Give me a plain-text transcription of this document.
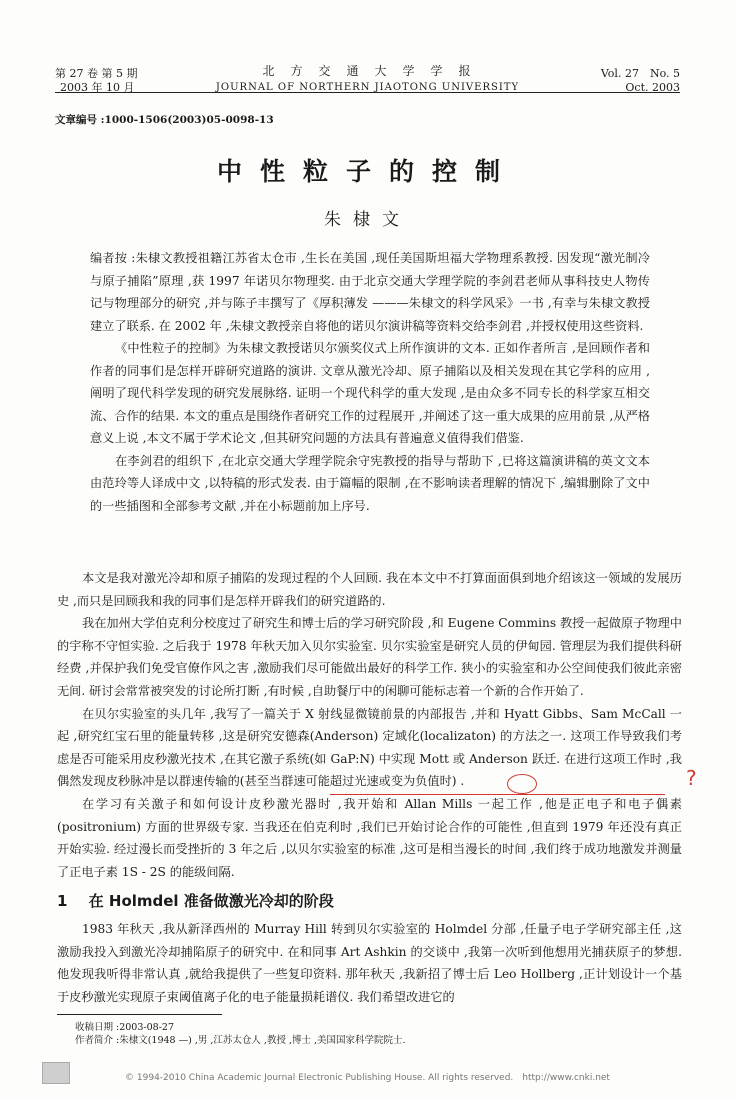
第 27 卷 第 5 期
2003 年 10 月
北　方　交　通　大　学　学　报
JOURNAL OF NORTHERN JIAOTONG UNIVERSITY
Vol. 27　No. 5
Oct. 2003
文章编号 :1000-1506(2003)05-0098-13
中性粒子的控制
朱棣文

编者按 :朱棣文教授祖籍江苏省太仓市 ,生长在美国 ,现任美国斯坦福大学物理系教授. 因发现“激光制冷与原子捕陷”原理 ,获 1997 年诺贝尔物理奖. 由于北京交通大学理学院的李剑君老师从事科技史人物传记与物理部分的研究 ,并与陈子丰撰写了《厚积薄发 ———朱棣文的科学风采》一书 ,有幸与朱棣文教授建立了联系. 在 2002 年 ,朱棣文教授亲自将他的诺贝尔演讲稿等资料交给李剑君 ,并授权使用这些资料.

《中性粒子的控制》为朱棣文教授诺贝尔颁奖仪式上所作演讲的文本. 正如作者所言 ,是回顾作者和作者的同事们是怎样开辟研究道路的演讲. 文章从激光冷却、原子捕陷以及相关发现在其它学科的应用 ,阐明了现代科学发现的研究发展脉络. 证明一个现代科学的重大发现 ,是由众多不同专长的科学家互相交流、合作的结果. 本文的重点是围绕作者研究工作的过程展开 ,并阐述了这一重大成果的应用前景 ,从严格意义上说 ,本文不属于学术论文 ,但其研究问题的方法具有普遍意义值得我们借鉴.

在李剑君的组织下 ,在北京交通大学理学院余守宪教授的指导与帮助下 ,已将这篇演讲稿的英文文本由范玲等人译成中文 ,以特稿的形式发表. 由于篇幅的限制 ,在不影响读者理解的情况下 ,编辑删除了文中的一些插图和全部参考文献 ,并在小标题前加上序号.

本文是我对激光冷却和原子捕陷的发现过程的个人回顾. 我在本文中不打算面面俱到地介绍该这一领域的发展历史 ,而只是回顾我和我的同事们是怎样开辟我们的研究道路的.

我在加州大学伯克利分校度过了研究生和博士后的学习研究阶段 ,和 Eugene Commins 教授一起做原子物理中的宇称不守恒实验. 之后我于 1978 年秋天加入贝尔实验室. 贝尔实验室是研究人员的伊甸园. 管理层为我们提供科研经费 ,并保护我们免受官僚作风之害 ,激励我们尽可能做出最好的科学工作. 狭小的实验室和办公空间使我们彼此亲密无间. 研讨会常常被突发的讨论所打断 ,有时候 ,自助餐厅中的闲聊可能标志着一个新的合作开始了.

在贝尔实验室的头几年 ,我写了一篇关于 X 射线显微镜前景的内部报告 ,并和 Hyatt Gibbs、Sam McCall 一起 ,研究红宝石里的能量转移 ,这是研究安德森(Anderson) 定域化(localizaton) 的方法之一. 这项工作导致我们考虑是否可能采用皮秒激光技术 ,在其它激子系统(如 GaP:N) 中实现 Mott 或 Anderson 跃迁. 在进行这项工作时 ,我偶然发现皮秒脉冲是以群速传输的(甚至当群速可能超过光速或变为负值时) .

在学习有关激子和如何设计皮秒激光器时 ,我开始和 Allan Mills 一起工作 ,他是正电子和电子偶素(positronium) 方面的世界级专家. 当我还在伯克利时 ,我们已开始讨论合作的可能性 ,但直到 1979 年还没有真正开始实验. 经过漫长而受挫折的 3 年之后 ,以贝尔实验室的标准 ,这可是相当漫长的时间 ,我们终于成功地激发并测量了正电子素 1S - 2S 的能级间隔.

?
1 在 Holmdel 准备做激光冷却的阶段

1983 年秋天 ,我从新泽西州的 Murray Hill 转到贝尔实验室的 Holmdel 分部 ,任量子电子学研究部主任 ,这激励我投入到激光冷却捕陷原子的研究中. 在和同事 Art Ashkin 的交谈中 ,我第一次听到他想用光捕获原子的梦想. 他发现我听得非常认真 ,就给我提供了一些复印资料. 那年秋天 ,我新招了博士后 Leo Hollberg ,正计划设计一个基于皮秒激光实现原子束阈值离子化的电子能量损耗谱仪. 我们希望改进它的

收稿日期 :2003-08-27
作者简介 :朱棣文(1948 —) ,男 ,江苏太仓人 ,教授 ,博士 ,美国国家科学院院士.
© 1994-2010 China Academic Journal Electronic Publishing House. All rights reserved.　http://www.cnki.net
